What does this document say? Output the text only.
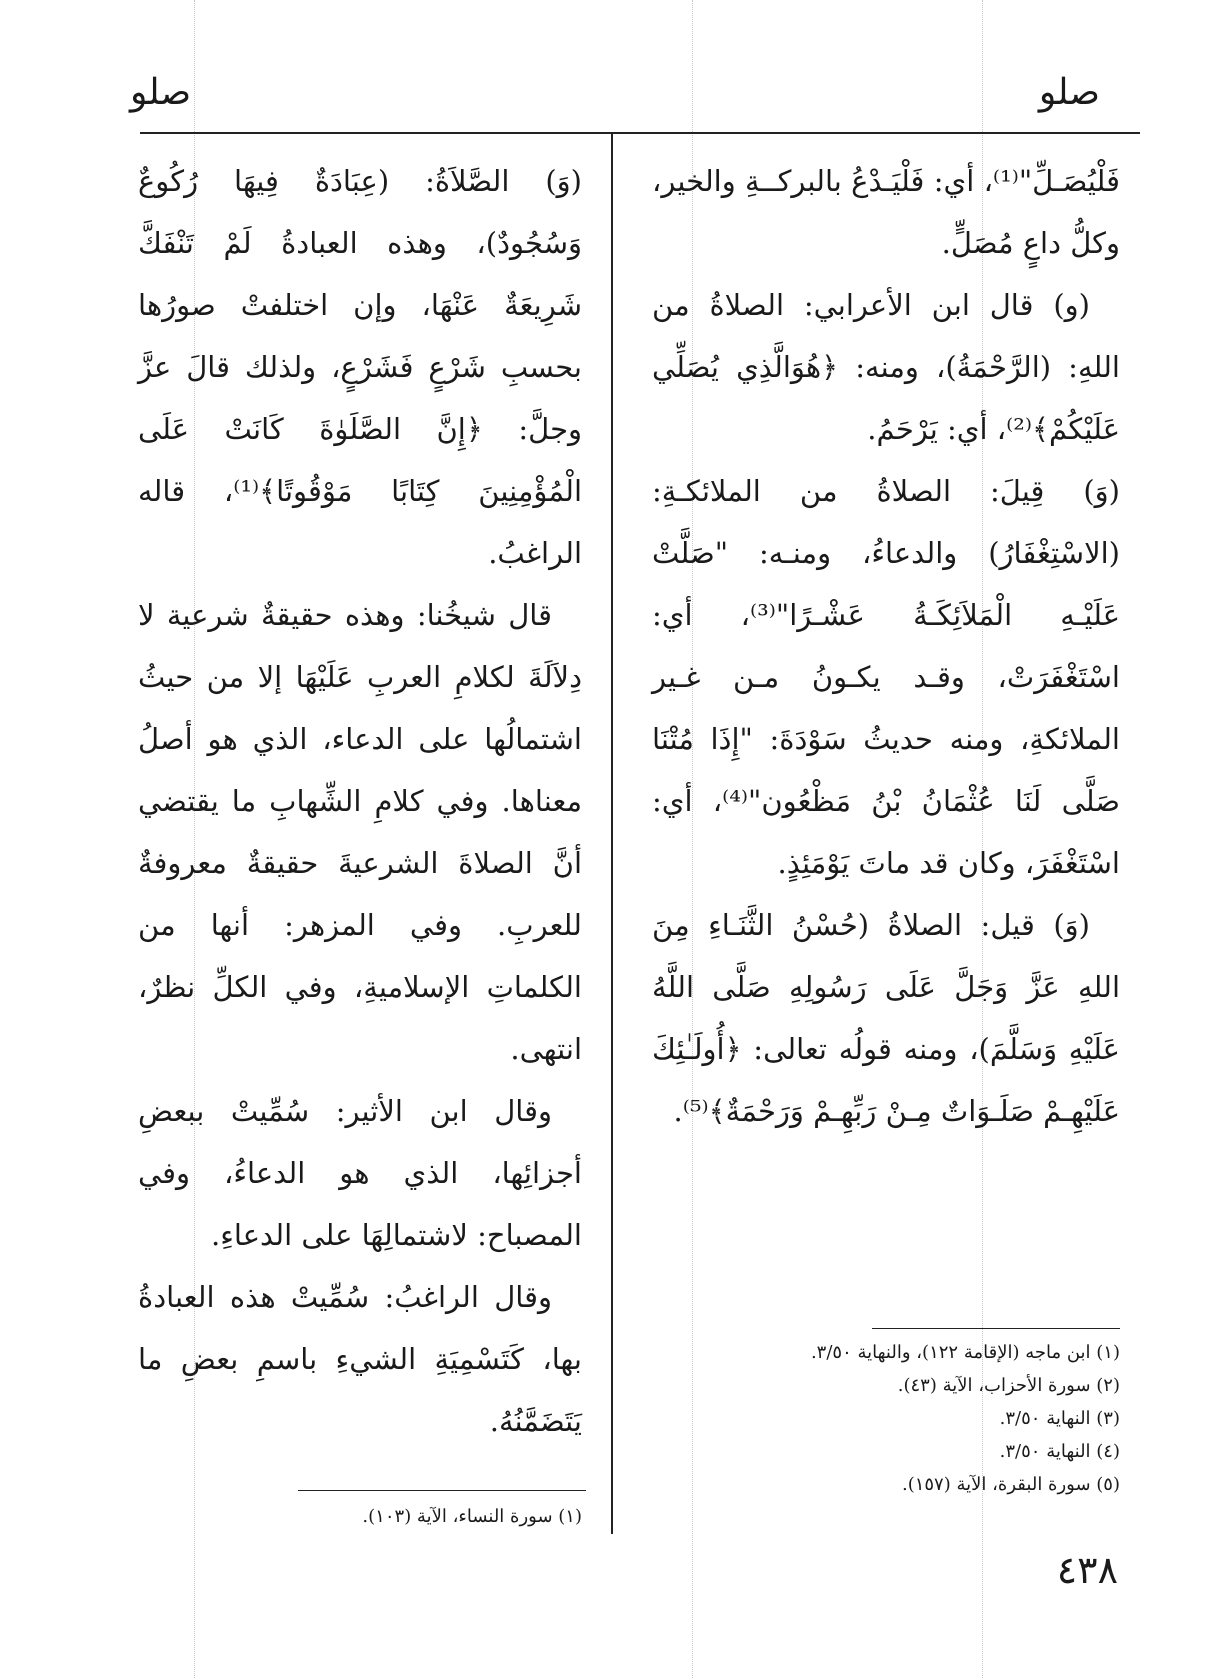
صلو
صلو

فَلْيُصَـلِّ"⁽¹⁾، أي: فَلْيَـدْعُ بالبركــةِ والخير، وكلُّ داعٍ مُصَلٍّ.

(و) قال ابن الأعرابي: الصلاةُ من اللهِ: (الرَّحْمَةُ)، ومنه: ﴿هُوَالَّذِي يُصَلِّي عَلَيْكُمْ﴾⁽²⁾، أي: يَرْحَمُ.

(وَ) قِيلَ: الصلاةُ من الملائكـةِ: (الاسْتِغْفَارُ) والدعاءُ، ومنـه: "صَلَّتْ عَلَيْـهِ الْمَلاَئِكَـةُ عَشْـرًا"⁽³⁾، أي: اسْتَغْفَرَتْ، وقـد يكـونُ مـن غـير الملائكةِ، ومنه حديثُ سَوْدَةَ: "إِذَا مُتْنَا صَلَّى لَنَا عُثْمَانُ بْنُ مَظْعُون"⁽⁴⁾، أي: اسْتَغْفَرَ، وكان قد ماتَ يَوْمَئِذٍ.

(وَ) قيل: الصلاةُ (حُسْنُ الثَّنَـاءِ مِنَ اللهِ عَزَّ وَجَلَّ عَلَى رَسُولِهِ صَلَّى اللَّهُ عَلَيْهِ وَسَلَّمَ)، ومنه قولُه تعالى: ﴿أُولَـٰئِكَ عَلَيْهِـمْ صَلَـوَاتٌ مِـنْ رَبِّهِـمْ وَرَحْمَةٌ﴾⁽⁵⁾.

(١) ابن ماجه (الإقامة ١٢٢)، والنهاية ٣/٥٠.
(٢) سورة الأحزاب، الآية (٤٣).
(٣) النهاية ٣/٥٠.
(٤) النهاية ٣/٥٠.
(٥) سورة البقرة، الآية (١٥٧).

(وَ) الصَّلاَةُ: (عِبَادَةٌ فِيهَا رُكُوعٌ وَسُجُودٌ)، وهذه العبادةُ لَمْ تَنْفَكَّ شَرِيعَةٌ عَنْهَا، وإن اختلفتْ صورُها بحسبِ شَرْعٍ فَشَرْعٍ، ولذلك قالَ عزَّ وجلَّ: ﴿إِنَّ الصَّلَوٰةَ كَانَتْ عَلَى الْمُؤْمِنِينَ كِتَابًا مَوْقُوتًا﴾⁽¹⁾، قاله الراغبُ.

قال شيخُنا: وهذه حقيقةٌ شرعية لا دِلاَلَةَ لكلامِ العربِ عَلَيْهَا إلا من حيثُ اشتمالُها على الدعاء، الذي هو أصلُ معناها. وفي كلامِ الشِّهابِ ما يقتضي أنَّ الصلاةَ الشرعيةَ حقيقةٌ معروفةٌ للعربِ. وفي المزهر: أنها من الكلماتِ الإسلاميةِ، وفي الكلِّ نظرٌ، انتهى.

وقال ابن الأثير: سُمِّيتْ ببعضِ أجزائِها، الذي هو الدعاءُ، وفي المصباح: لاشتمالِهَا على الدعاءِ.

وقال الراغبُ: سُمِّيتْ هذه العبادةُ بها، كَتَسْمِيَةِ الشيءِ باسمِ بعضِ ما يَتَضَمَّنُهُ.

(١) سورة النساء، الآية (١٠٣).
٤٣٨
